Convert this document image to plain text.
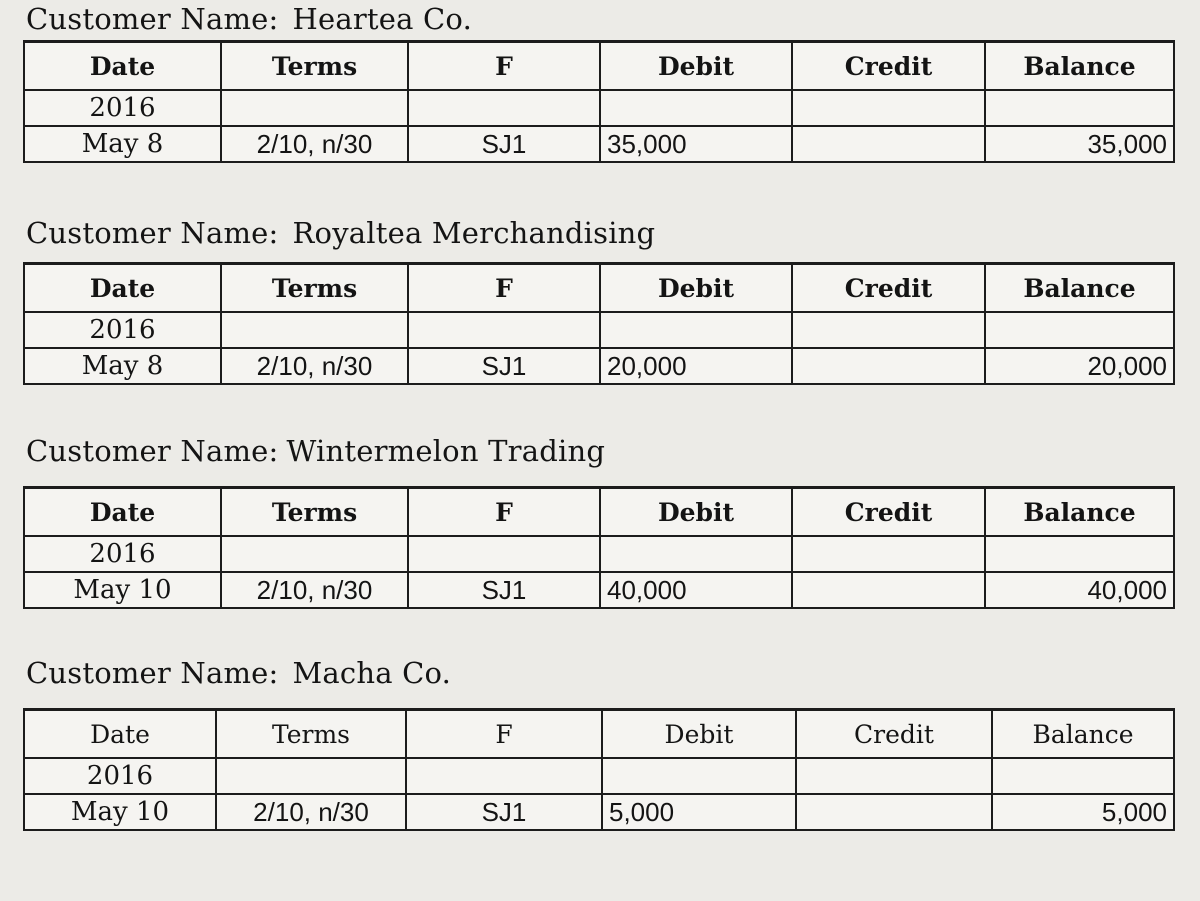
Customer Name: Heartea Co.
Date	Terms	F	Debit	Credit	Balance
2016					
May 8	2/10, n/30	SJ1	35,000		35,000
Customer Name: Royaltea Merchandising
Date	Terms	F	Debit	Credit	Balance
2016					
May 8	2/10, n/30	SJ1	20,000		20,000
Customer Name: Wintermelon Trading
Date	Terms	F	Debit	Credit	Balance
2016					
May 10	2/10, n/30	SJ1	40,000		40,000
Customer Name: Macha Co.
Date	Terms	F	Debit	Credit	Balance
2016					
May 10	2/10, n/30	SJ1	5,000		5,000
